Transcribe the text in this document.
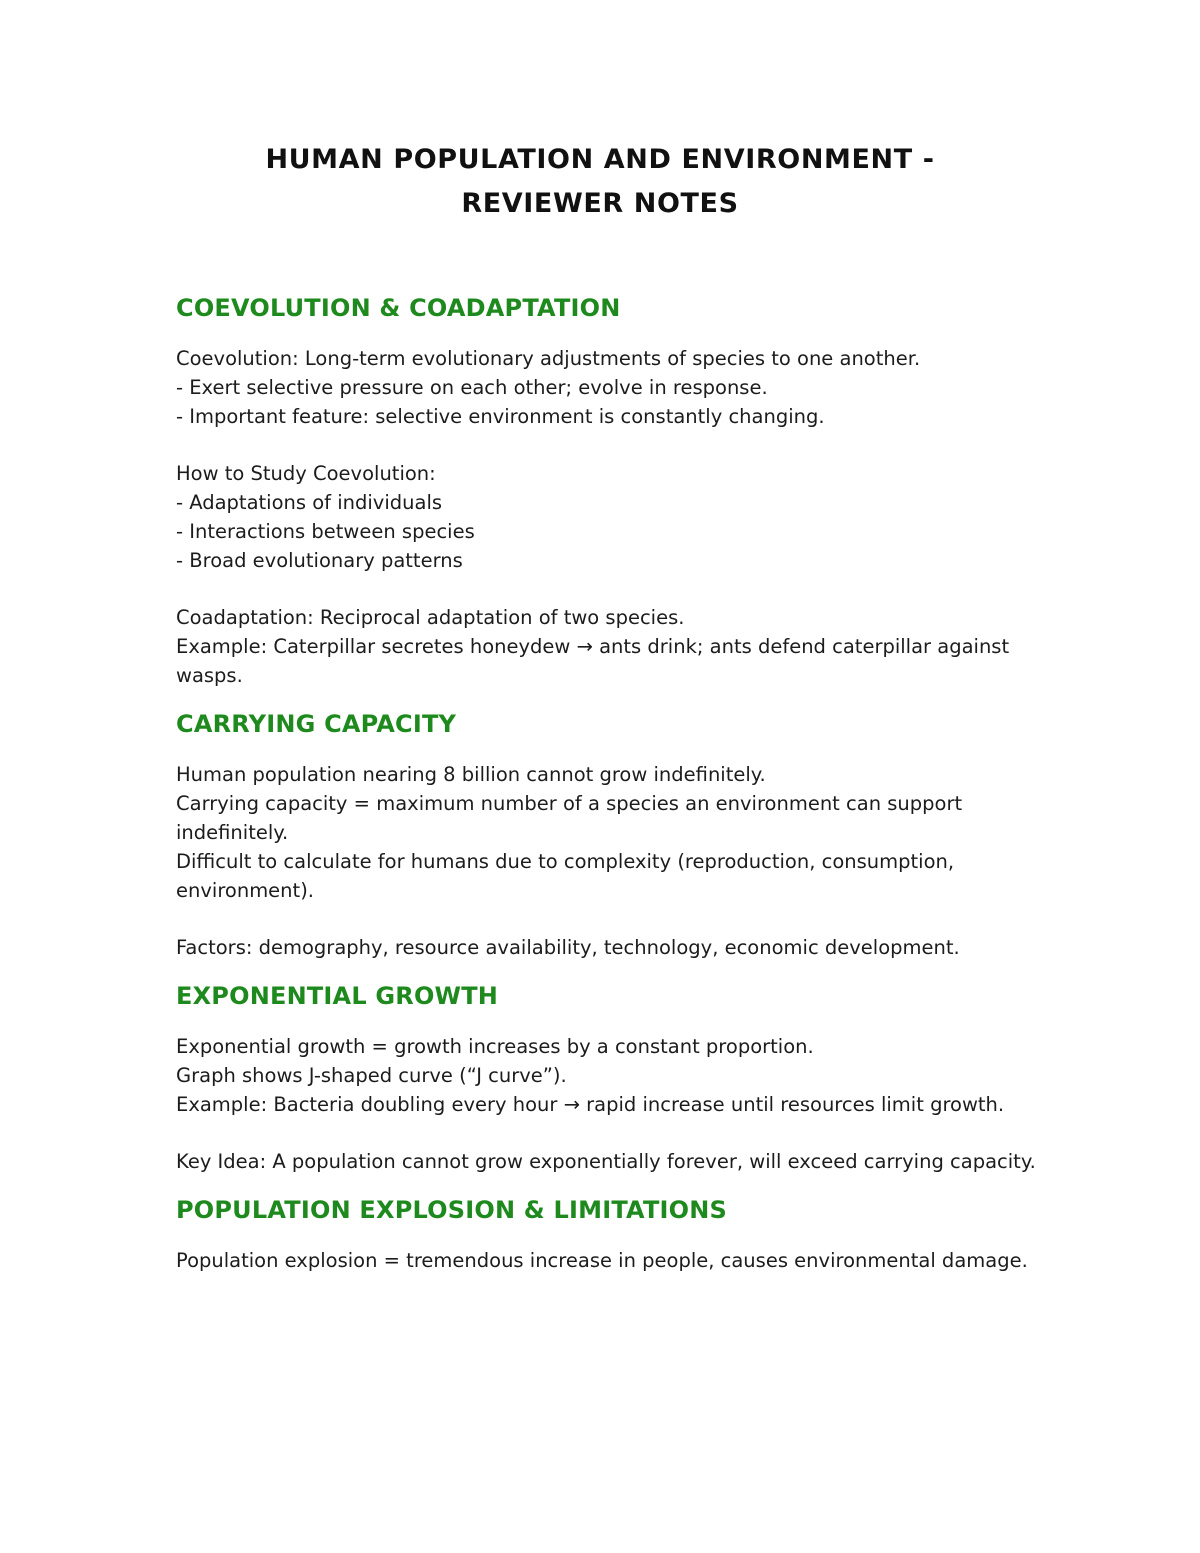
HUMAN POPULATION AND ENVIRONMENT -
REVIEWER NOTES
COEVOLUTION & COADAPTATION

Coevolution: Long-term evolutionary adjustments of species to one another.

- Exert selective pressure on each other; evolve in response.

- Important feature: selective environment is constantly changing.

How to Study Coevolution:

- Adaptations of individuals

- Interactions between species

- Broad evolutionary patterns

Coadaptation: Reciprocal adaptation of two species.

Example: Caterpillar secretes honeydew → ants drink; ants defend caterpillar against wasps.

CARRYING CAPACITY

Human population nearing 8 billion cannot grow indefinitely.

Carrying capacity = maximum number of a species an environment can support indefinitely.

Difficult to calculate for humans due to complexity (reproduction, consumption, environment).

Factors: demography, resource availability, technology, economic development.

EXPONENTIAL GROWTH

Exponential growth = growth increases by a constant proportion.

Graph shows J-shaped curve (“J curve”).

Example: Bacteria doubling every hour → rapid increase until resources limit growth.

Key Idea: A population cannot grow exponentially forever, will exceed carrying capacity.

POPULATION EXPLOSION & LIMITATIONS

Population explosion = tremendous increase in people, causes environmental damage.
